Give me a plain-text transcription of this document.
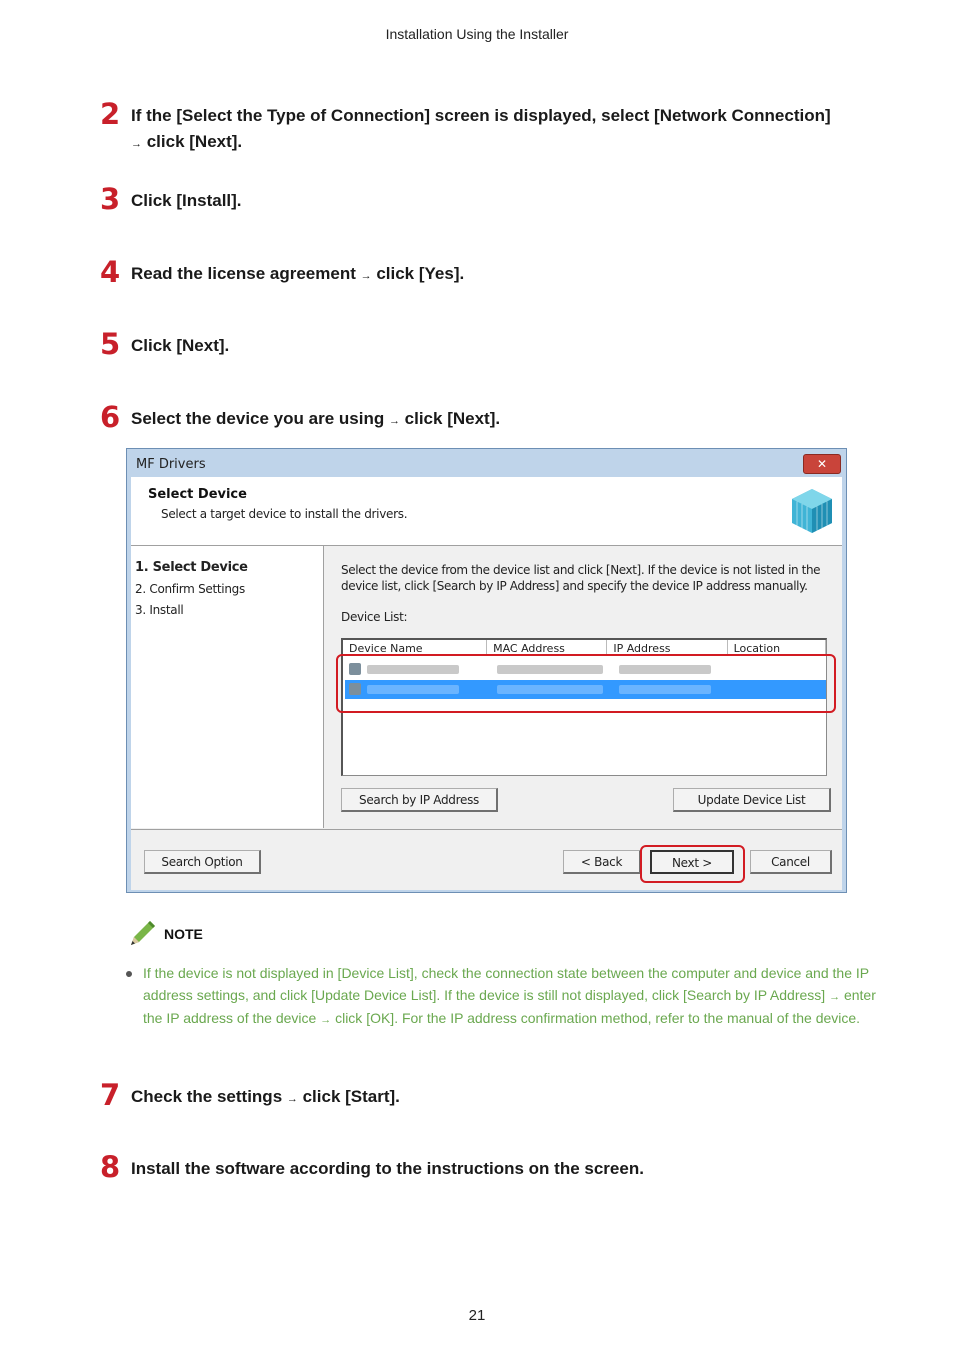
Installation Using the Installer
2 If the [Select the Type of Connection] screen is displayed, select [Network Connection]
→ click [Next].
3 Click [Install].
4 Read the license agreement → click [Yes].
5 Click [Next].
6 Select the device you are using → click [Next].
MF Drivers	✕
Select Device
Select a target device to install the drivers.
1. Select Device
2. Confirm Settings
3. Install
Select the device from the device list and click [Next]. If the device is not listed in the device list, click [Search by IP Address] and specify the device IP address manually.
Device List:
Device Name	MAC Address	IP Address	Location
Search by IP Address	Update Device List
Search Option	< Back	Next >	Cancel
NOTE
If the device is not displayed in [Device List], check the connection state between the computer and device and the IP address settings, and click [Update Device List]. If the device is still not displayed, click [Search by IP Address] → enter the IP address of the device → click [OK]. For the IP address confirmation method, refer to the manual of the device.
7 Check the settings → click [Start].
8 Install the software according to the instructions on the screen.
21
